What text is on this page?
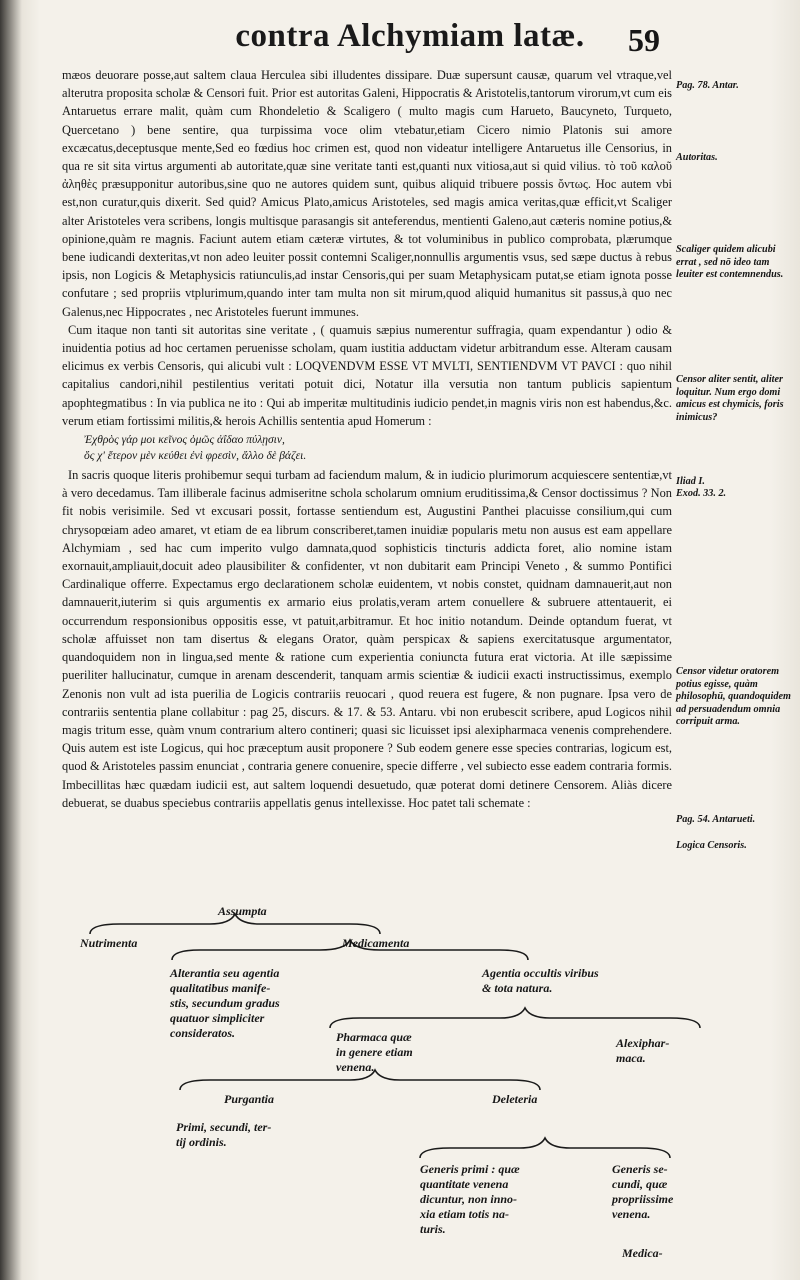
contra Alchymiam latæ.	59

mæos deuorare posse,aut saltem claua Herculea sibi illudentes dissipare. Duæ supersunt causæ, quarum vel vtraque,vel alterutra proposita scholæ & Censori fuit. Prior est autoritas Galeni, Hippocratis & Aristotelis,tantorum virorum,vt cum eis Antaruetus errare malit, quàm cum Rhondeletio & Scaligero ( multo magis cum Harueto, Baucyneto, Turqueto, Quercetano ) bene sentire, qua turpissima voce olim vtebatur,etiam Cicero nimio Platonis sui amore excæcatus,deceptusque mente,Sed eo fœdius hoc crimen est, quod non videatur intelligere Antaruetus ille Censorius, in qua re sit sita virtus argumenti ab autoritate,quæ sine veritate tanti est,quanti nux vitiosa,aut si quid vilius. τὸ τοῦ καλοῦ ἀληθὲς præsupponitur autoribus,sine quo ne autores quidem sunt, quibus aliquid tribuere possis ὄντως. Hoc autem vbi est,non curatur,quis dixerit. Sed quid? Amicus Plato,amicus Aristoteles, sed magis amica veritas,quæ efficit,vt Scaliger alter Aristoteles vera scribens, longis multisque parasangis sit anteferendus, mentienti Galeno,aut cæteris nomine potius,& opinione,quàm re magnis. Faciunt autem etiam cæteræ virtutes, & tot voluminibus in publico comprobata, plærumque bene iudicandi dexteritas,vt non adeo leuiter possit contemni Scaliger,nonnullis argumentis vsus, sed sæpe ductus à rebus ipsis, non Logicis & Metaphysicis ratiunculis,ad instar Censoris,qui per suam Metaphysicam putat,se etiam ignota posse confutare ; sed propriis vtplurimum,quando inter tam multa non sit mirum,quod aliquid humanitus sit passus,à quo nec Galenus,nec Hippocrates , nec Aristoteles fuerunt immunes.

Cum itaque non tanti sit autoritas sine veritate , ( quamuis sæpius numerentur suffragia, quam expendantur ) odio & inuidentia potius ad hoc certamen peruenisse scholam, quam iustitia adductam videtur arbitrandum esse. Alteram causam elicimus ex verbis Censoris, qui alicubi vult : LOQVENDVM ESSE VT MVLTI, SENTIENDVM VT PAVCI : quo nihil capitalius candori,nihil pestilentius veritati potuit dici, Notatur illa versutia non tantum publicis sapientum apophtegmatibus : In via publica ne ito : Qui ab imperitæ multitudinis iudicio pendet,in magnis viris non est habendus,&c. verum etiam fortissimi militis,& herois Achillis sententia apud Homerum :

Ἐχθρὸς γάρ μοι κεῖνος ὁμῶς ἀΐδαο πύλῃσιν,
ὅς χ' ἕτερον μὲν κεύθει ἐνὶ φρεσὶν, ἄλλο δὲ βάζει.

In sacris quoque literis prohibemur sequi turbam ad faciendum malum, & in iudicio plurimorum acquiescere sententiæ,vt à vero decedamus. Tam illiberale facinus admiseritne schola scholarum omnium eruditissima,& Censor doctissimus ? Non fit nobis verisimile. Sed vt excusari possit, fortasse sentiendum est, Augustini Panthei placuisse consilium,qui cum chrysopœiam adeo amaret, vt etiam de ea librum conscriberet,tamen inuidiæ popularis metu non ausus est eam appellare Alchymiam , sed hac cum imperito vulgo damnata,quod sophisticis tincturis addicta foret, alio nomine istam exornauit,ampliauit,docuit adeo plausibiliter & confidenter, vt non dubitarit eam Principi Veneto , & summo Pontifici Cardinalique offerre. Expectamus ergo declarationem scholæ euidentem, vt nobis constet, quidnam damnauerit,aut non damnauerit,iuterim si quis argumentis ex armario eius prolatis,veram artem conuellere & subruere attentauerit, ei occurrendum responsionibus oppositis esse, vt patuit,arbitramur. Et hoc initio notandum. Deinde optandum fuerat, vt scholæ affuisset non tam disertus & elegans Orator, quàm perspicax & sapiens exercitatusque argumentator, quandoquidem non in lingua,sed mente & ratione cum experientia coniuncta futura erat victoria. At ille sæpissime pueriliter hallucinatur, cumque in arenam descenderit, tanquam armis scientiæ & iudicii exacti instructissimus, exemplo Zenonis non vult ad ista puerilia de Logicis contrariis reuocari , quod reuera est fugere, & non pugnare. Ipsa vero de contrariis sententia plane collabitur : pag 25, discurs. & 17. & 53. Antaru. vbi non erubescit scribere, apud Logicos nihil magis tritum esse, quàm vnum contrarium altero contineri; quasi sic licuisset ipsi alexipharmaca venenis comprehendere. Quis autem est iste Logicus, qui hoc præceptum ausit proponere ? Sub eodem genere esse species contrarias, logicum est, quod & Aristoteles passim enunciat , contraria genere conuenire, specie differre , vel subiecto esse eadem contraria formis. Imbecillitas hæc quædam iudicii est, aut saltem loquendi desuetudo, quæ poterat domi detinere Censorem. Aliàs dicere debuerat, se duabus speciebus contrariis appellatis genus intellexisse. Hoc patet tali schemate :

Pag. 78. Antar.
Autoritas.
Scaliger quidem alicubi errat , sed nō ideo tam leuiter est contemnendus.
Censor aliter sentit, aliter loquitur. Num ergo domi amicus est chymicis, foris inimicus?
Iliad I.
Exod. 33. 2.
Censor videtur oratorem potius egisse, quàm philosophū, quandoquidem ad persuadendum omnia corripuit arma.
Pag. 54. Antarueti.
Logica Censoris.
Assumpta
Nutrimenta	Medicamenta
Alterantia seu agentia
qualitatibus manife-
stis, secundum gradus
quatuor simpliciter
consideratos.
Agentia occultis viribus
& tota natura.
Pharmaca quæ
in genere etiam
venena.
Alexiphar-
maca.
Purgantia	Deleteria
Primi, secundi, ter-
tij ordinis.
Generis primi : quæ
quantitate venena
dicuntur, non inno-
xia etiam totis na-
turis.
Generis se-
cundi, quæ
propriissime
venena.
Medica-
